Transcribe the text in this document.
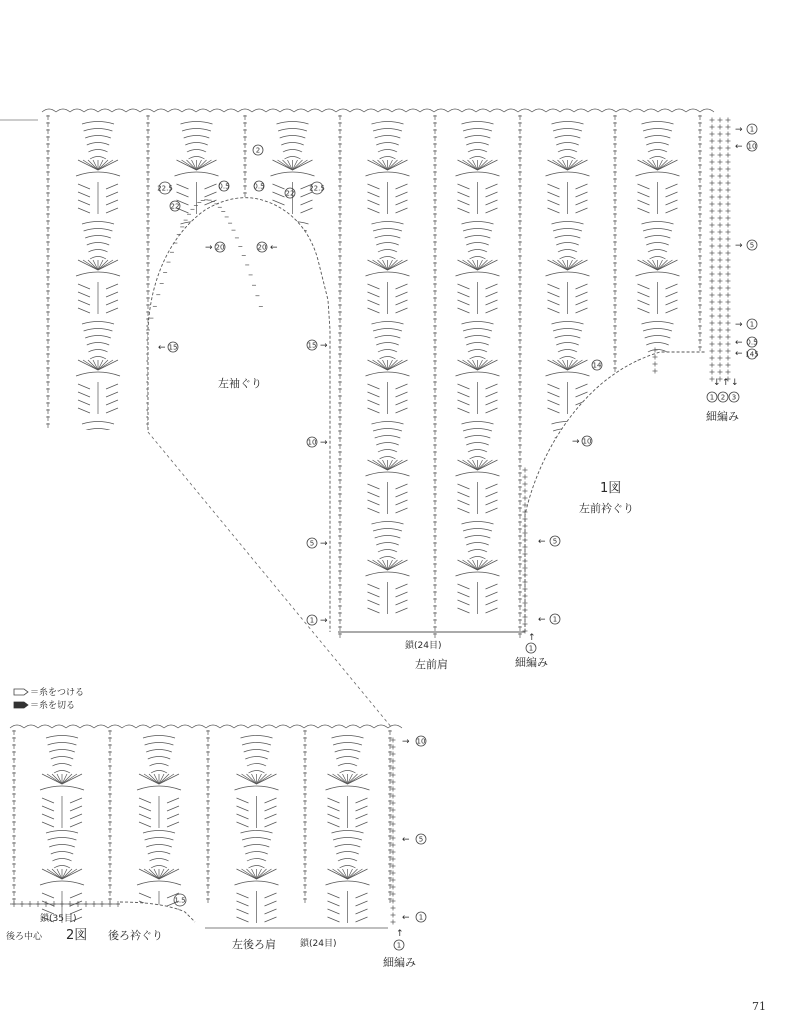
← 15	15 →
10 →
5 →
1 →
2
22.5
22
0.5	0.5
22
22.5
→ 20	20 ←
→ 1
← 10
→ 5
→ 1
← 0.5
← 145
↓ ↑ ↓
1 2 3
細編み
14
→ 10
← 5
← 1
1図
左前衿ぐり
左袖ぐり
鎖(24目)
左前肩
↑
1
細編み
＝糸をつける
＝糸を切る
→ 10
← 5
← 1
1.5
↑
1
鎖(35目)
後ろ中心 2図 後ろ衿ぐり
鎖(24目)
左後ろ肩
細編み
71
